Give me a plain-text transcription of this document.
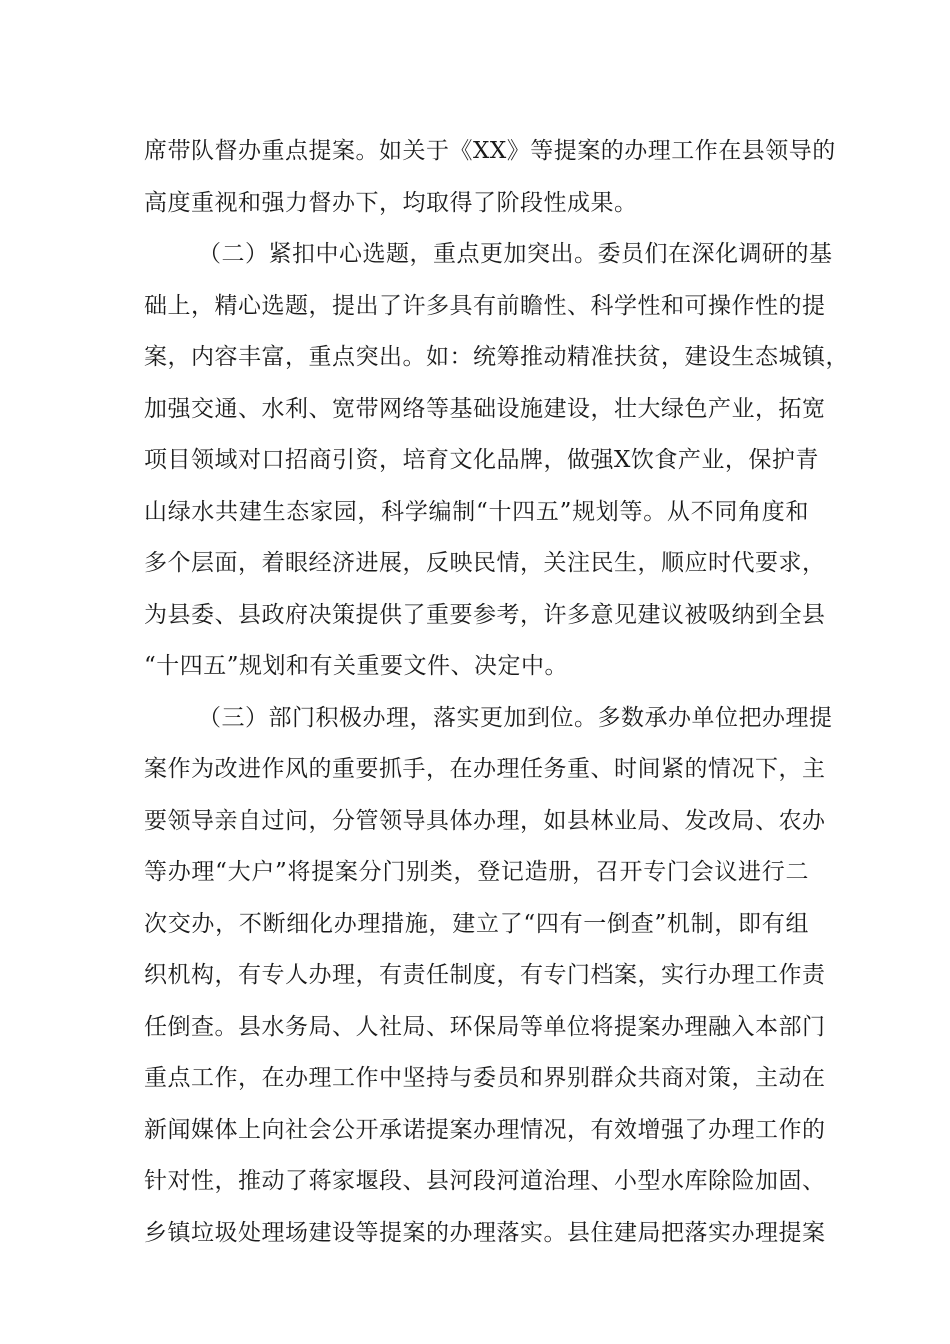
席带队督办重点提案。如关于《XX》等提案的办理工作在县领导的
高度重视和强力督办下，均取得了阶段性成果。
（二）紧扣中心选题，重点更加突出。委员们在深化调研的基
础上，精心选题，提出了许多具有前瞻性、科学性和可操作性的提
案，内容丰富，重点突出。如：统筹推动精准扶贫，建设生态城镇，
加强交通、水利、宽带网络等基础设施建设，壮大绿色产业，拓宽
项目领域对口招商引资，培育文化品牌，做强X饮食产业，保护青
山绿水共建生态家园，科学编制“十四五”规划等。从不同角度和
多个层面，着眼经济进展，反映民情，关注民生，顺应时代要求，
为县委、县政府决策提供了重要参考，许多意见建议被吸纳到全县
“十四五”规划和有关重要文件、决定中。
（三）部门积极办理，落实更加到位。多数承办单位把办理提
案作为改进作风的重要抓手，在办理任务重、时间紧的情况下，主
要领导亲自过问，分管领导具体办理，如县林业局、发改局、农办
等办理“大户”将提案分门别类，登记造册，召开专门会议进行二
次交办，不断细化办理措施，建立了“四有一倒查”机制，即有组
织机构，有专人办理，有责任制度，有专门档案，实行办理工作责
任倒查。县水务局、人社局、环保局等单位将提案办理融入本部门
重点工作，在办理工作中坚持与委员和界别群众共商对策，主动在
新闻媒体上向社会公开承诺提案办理情况，有效增强了办理工作的
针对性，推动了蒋家堰段、县河段河道治理、小型水库除险加固、
乡镇垃圾处理场建设等提案的办理落实。县住建局把落实办理提案
